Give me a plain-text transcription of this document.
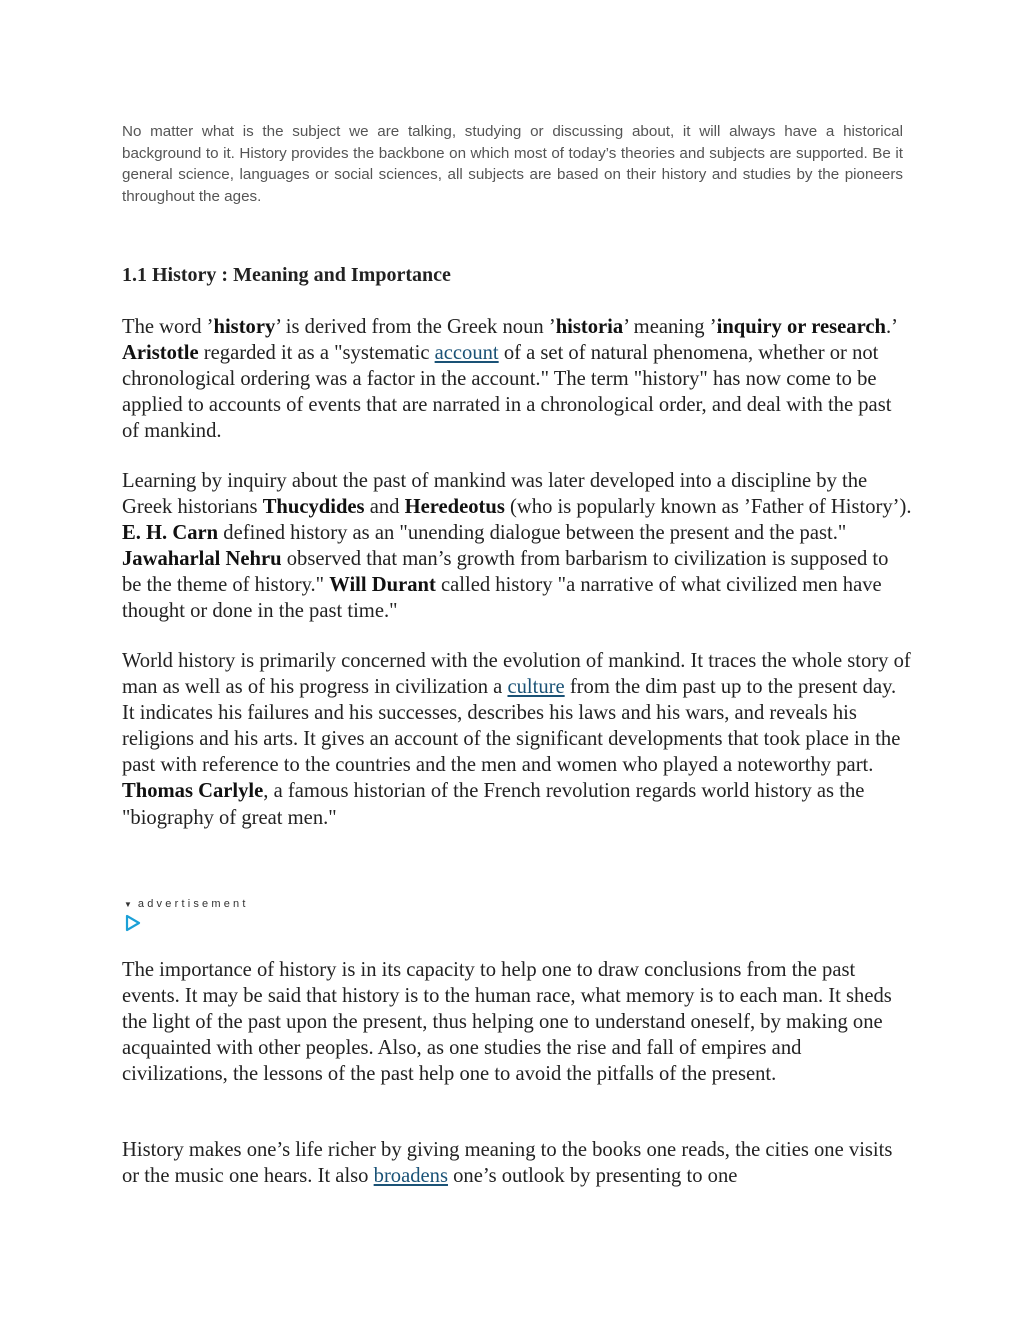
No matter what is the subject we are talking, studying or discussing about, it will always have a historical background to it. History provides the backbone on which most of today’s theories and subjects are supported. Be it general science, languages or social sciences, all subjects are based on their history and studies by the pioneers throughout the ages.

1.1 History : Meaning and Importance

The word ’history’ is derived from the Greek noun ’historia’ meaning ’inquiry or research.’ Aristotle regarded it as a "systematic account of a set of natural phenomena, whether or not chronological ordering was a factor in the account." The term "history" has now come to be applied to accounts of events that are narrated in a chronological order, and deal with the past of mankind.

Learning by inquiry about the past of mankind was later developed into a discipline by the Greek historians Thucydides and Heredeotus (who is popularly known as ’Father of History’). E. H. Carn defined history as an "unending dialogue between the present and the past." Jawaharlal Nehru observed that man’s growth from barbarism to civilization is supposed to be the theme of history." Will Durant called history "a narrative of what civilized men have thought or done in the past time."

World history is primarily concerned with the evolution of mankind. It traces the whole story of man as well as of his progress in civilization a culture from the dim past up to the present day. It indicates his failures and his successes, describes his laws and his wars, and reveals his religions and his arts. It gives an account of the significant developments that took place in the past with reference to the countries and the men and women who played a noteworthy part. Thomas Carlyle, a famous historian of the French revolution regards world history as the "biography of great men."

▼ advertisement

The importance of history is in its capacity to help one to draw conclusions from the past events. It may be said that history is to the human race, what memory is to each man. It sheds the light of the past upon the present, thus helping one to understand oneself, by making one acquainted with other peoples. Also, as one studies the rise and fall of empires and civilizations, the lessons of the past help one to avoid the pitfalls of the present.

History makes one’s life richer by giving meaning to the books one reads, the cities one visits or the music one hears. It also broadens one’s outlook by presenting to one
